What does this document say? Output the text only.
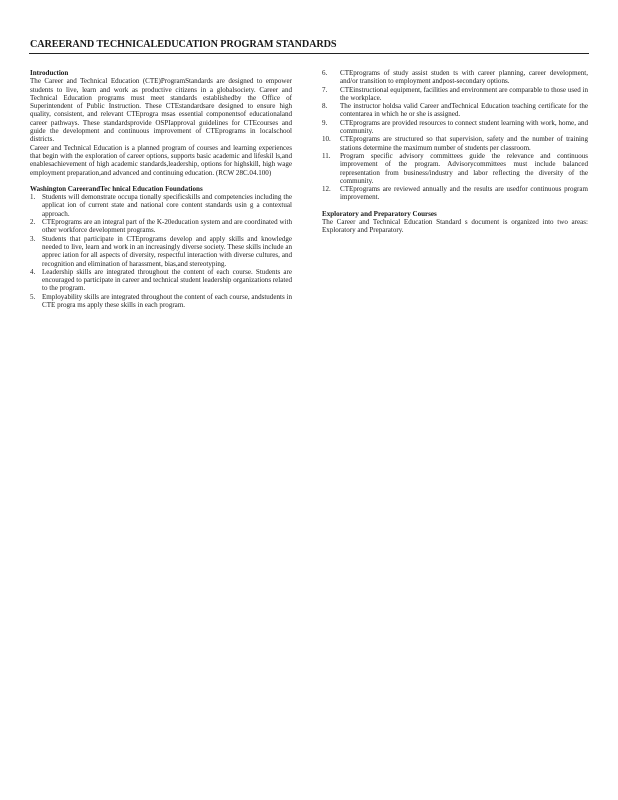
CAREERAND TECHNICALEDUCATION PROGRAM STANDARDS

Introduction

The Career and Technical Education (CTE)ProgramStandards are designed to empower students to live, learn and work as productive citizens in a globalsociety. Career and Technical Education programs must meet standards establishedby the Office of Superintendent of Public Instruction. These CTEstandardsare designed to ensure high quality, consistent, and relevant CTEprogra msas essential componentsof educationaland career pathways. These standardsprovide OSPIapproval guidelines for CTEcourses and guide the development and continuous improvement of CTEprograms in localschool districts.

Career and Technical Education is a planned program of courses and learning experiences that begin with the exploration of career options, supports basic academic and lifeskil ls,and enablesachievement of high academic standards,leadership, options for highskill, high wage employment preparation,and advanced and continuing education. (RCW 28C.04.100)

Washington CareerandTec hnical Education Foundations

1. Students will demonstrate occupa tionally specificskills and competencies including the applicat ion of current state and national core content standards usin g a contextual approach.
2. CTEprograms are an integral part of the K-20education system and are coordinated with other workforce development programs.
3. Students that participate in CTEprograms develop and apply skills and knowledge needed to live, learn and work in an increasingly diverse society. These skills include an apprec iation for all aspects of diversity, respectful interaction with diverse cultures, and recognition and elimination of harassment, bias,and stereotyping.
4. Leadership skills are integrated throughout the content of each course. Students are encouraged to participate in career and technical student leadership organizations related to the program.
5. Employability skills are integrated throughout the content of each course, andstudents in CTE progra ms apply these skills in each program.
6. CTEprograms of study assist studen ts with career planning, career development, and/or transition to employment andpost-secondary options.
7. CTEinstructional equipment, facilities and environment are comparable to those used in the workplace.
8. The instructor holdsa valid Career andTechnical Education teaching certificate for the contentarea in which he or she is assigned.
9. CTEprograms are provided resources to connect student learning with work, home, and community.
10. CTEprograms are structured so that supervision, safety and the number of training stations determine the maximum number of students per classroom.
11. Program specific advisory committees guide the relevance and continuous improvement of the program. Advisorycommittees must include balanced representation from business/industry and labor reflecting the diversity of the community.
12. CTEprograms are reviewed annually and the results are usedfor continuous program improvement.

Exploratory and Preparatory Courses

The Career and Technical Education Standard s document is organized into two areas: Exploratory and Preparatory.
